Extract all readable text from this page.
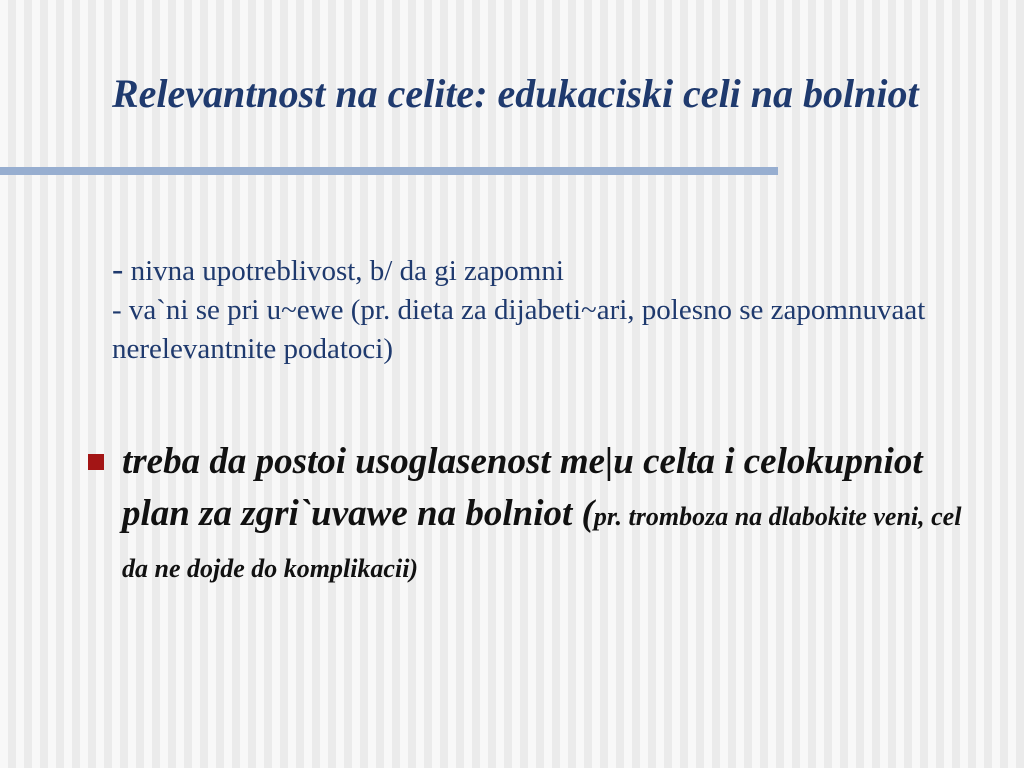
Relevantnost na celite: edukaciski celi na bolniot
- nivna upotreblivost, b/ da gi zapomni
- va`ni se pri u~ewe (pr. dieta za dijabeti~ari, polesno se zapomnuvaat nerelevantnite podatoci)
treba da postoi usoglasenost me|u celta i celokupniot plan za zgri`uvawe na bolniot (pr. tromboza na dlabokite veni, cel da ne dojde do komplikacii)
